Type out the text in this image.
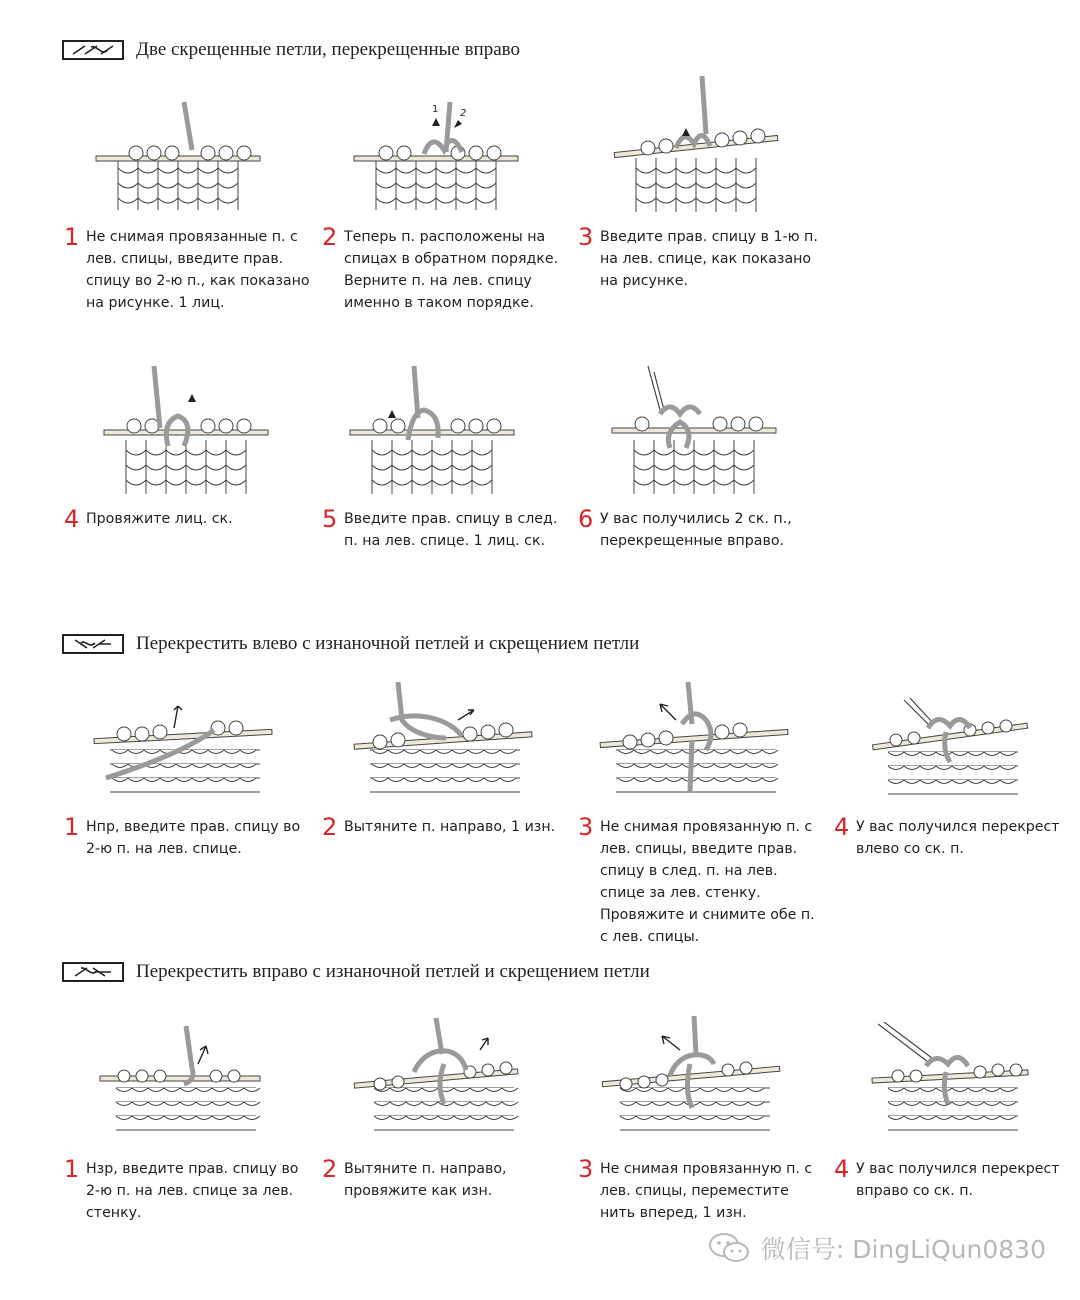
Две скрещенные петли, перекрещенные вправо
1 Не снимая провязанные п. с лев. спицы, введите прав. спицу во 2-ю п., как показано на рисунке. 1 лиц.
1 2
2 Теперь п. расположены на спицах в обратном порядке. Верните п. на лев. спицу именно в таком порядке.
3 Введите прав. спицу в 1-ю п. на лев. спице, как показано на рисунке.
4 Провяжите лиц. ск.	5 Введите прав. спицу в след. п. на лев. спице. 1 лиц. ск.
6 У вас получились 2 ск. п., перекрещенные вправо.
Перекрестить влево с изнаночной петлей и скрещением петли
1 Нпр, введите прав. спицу во 2-ю п. на лев. спице.
2 Вытяните п. направо, 1 изн. 3 Не снимая провязанную п. с лев. спицы, введите прав. спицу в след. п. на лев. спице за лев. стенку. Провяжите и снимите обе п. с лев. спицы.
4 У вас получился перекрест влево со ск. п.
Перекрестить вправо с изнаночной петлей и скрещением петли
1 Нзр, введите прав. спицу во 2-ю п. на лев. спице за лев. стенку.
2 Вытяните п. направо, провяжите как изн.
3 Не снимая провязанную п. с лев. спицы, переместите нить вперед, 1 изн.
4 У вас получился перекрест вправо со ск. п.
微信号: DingLiQun0830
